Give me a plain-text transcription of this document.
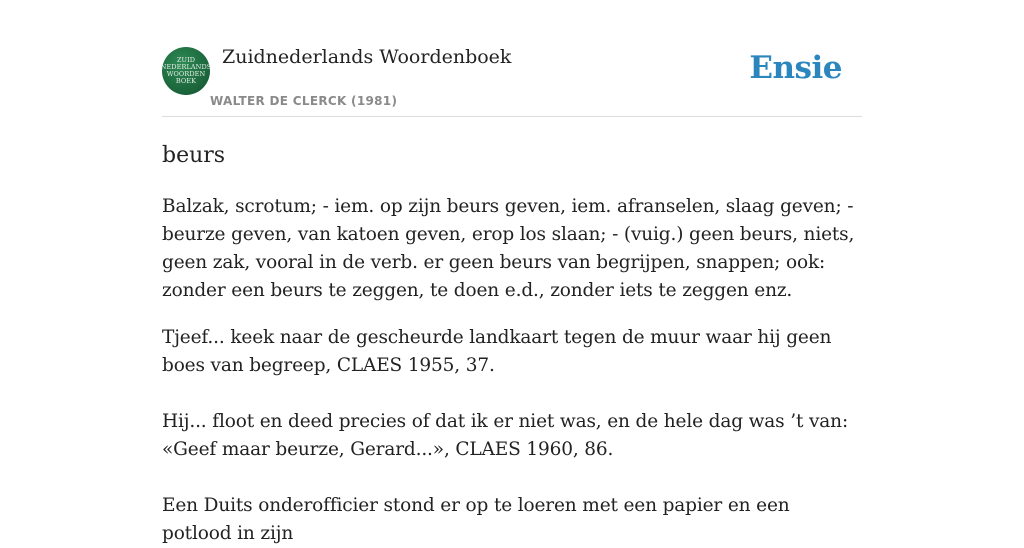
ZUID
NEDERLANDS
WOORDEN
BOEK
Zuidnederlands Woordenboek
WALTER DE CLERCK (1981)
Ensie
beurs

Balzak, scrotum; - iem. op zijn beurs geven, iem. afranselen, slaag geven; - beurze geven, van katoen geven, erop los slaan; - (vuig.) geen beurs, niets, geen zak, vooral in de verb. er geen beurs van begrijpen, snappen; ook: zonder een beurs te zeggen, te doen e.d., zonder iets te zeggen enz.

Tjeef... keek naar de gescheurde landkaart tegen de muur waar hij geen boes van begreep, CLAES 1955, 37.

Hij... floot en deed precies of dat ik er niet was, en de hele dag was ’t van: «Geef maar beurze, Gerard...», CLAES 1960, 86.

Een Duits onderofficier stond er op te loeren met een papier en een potlood in zijn
